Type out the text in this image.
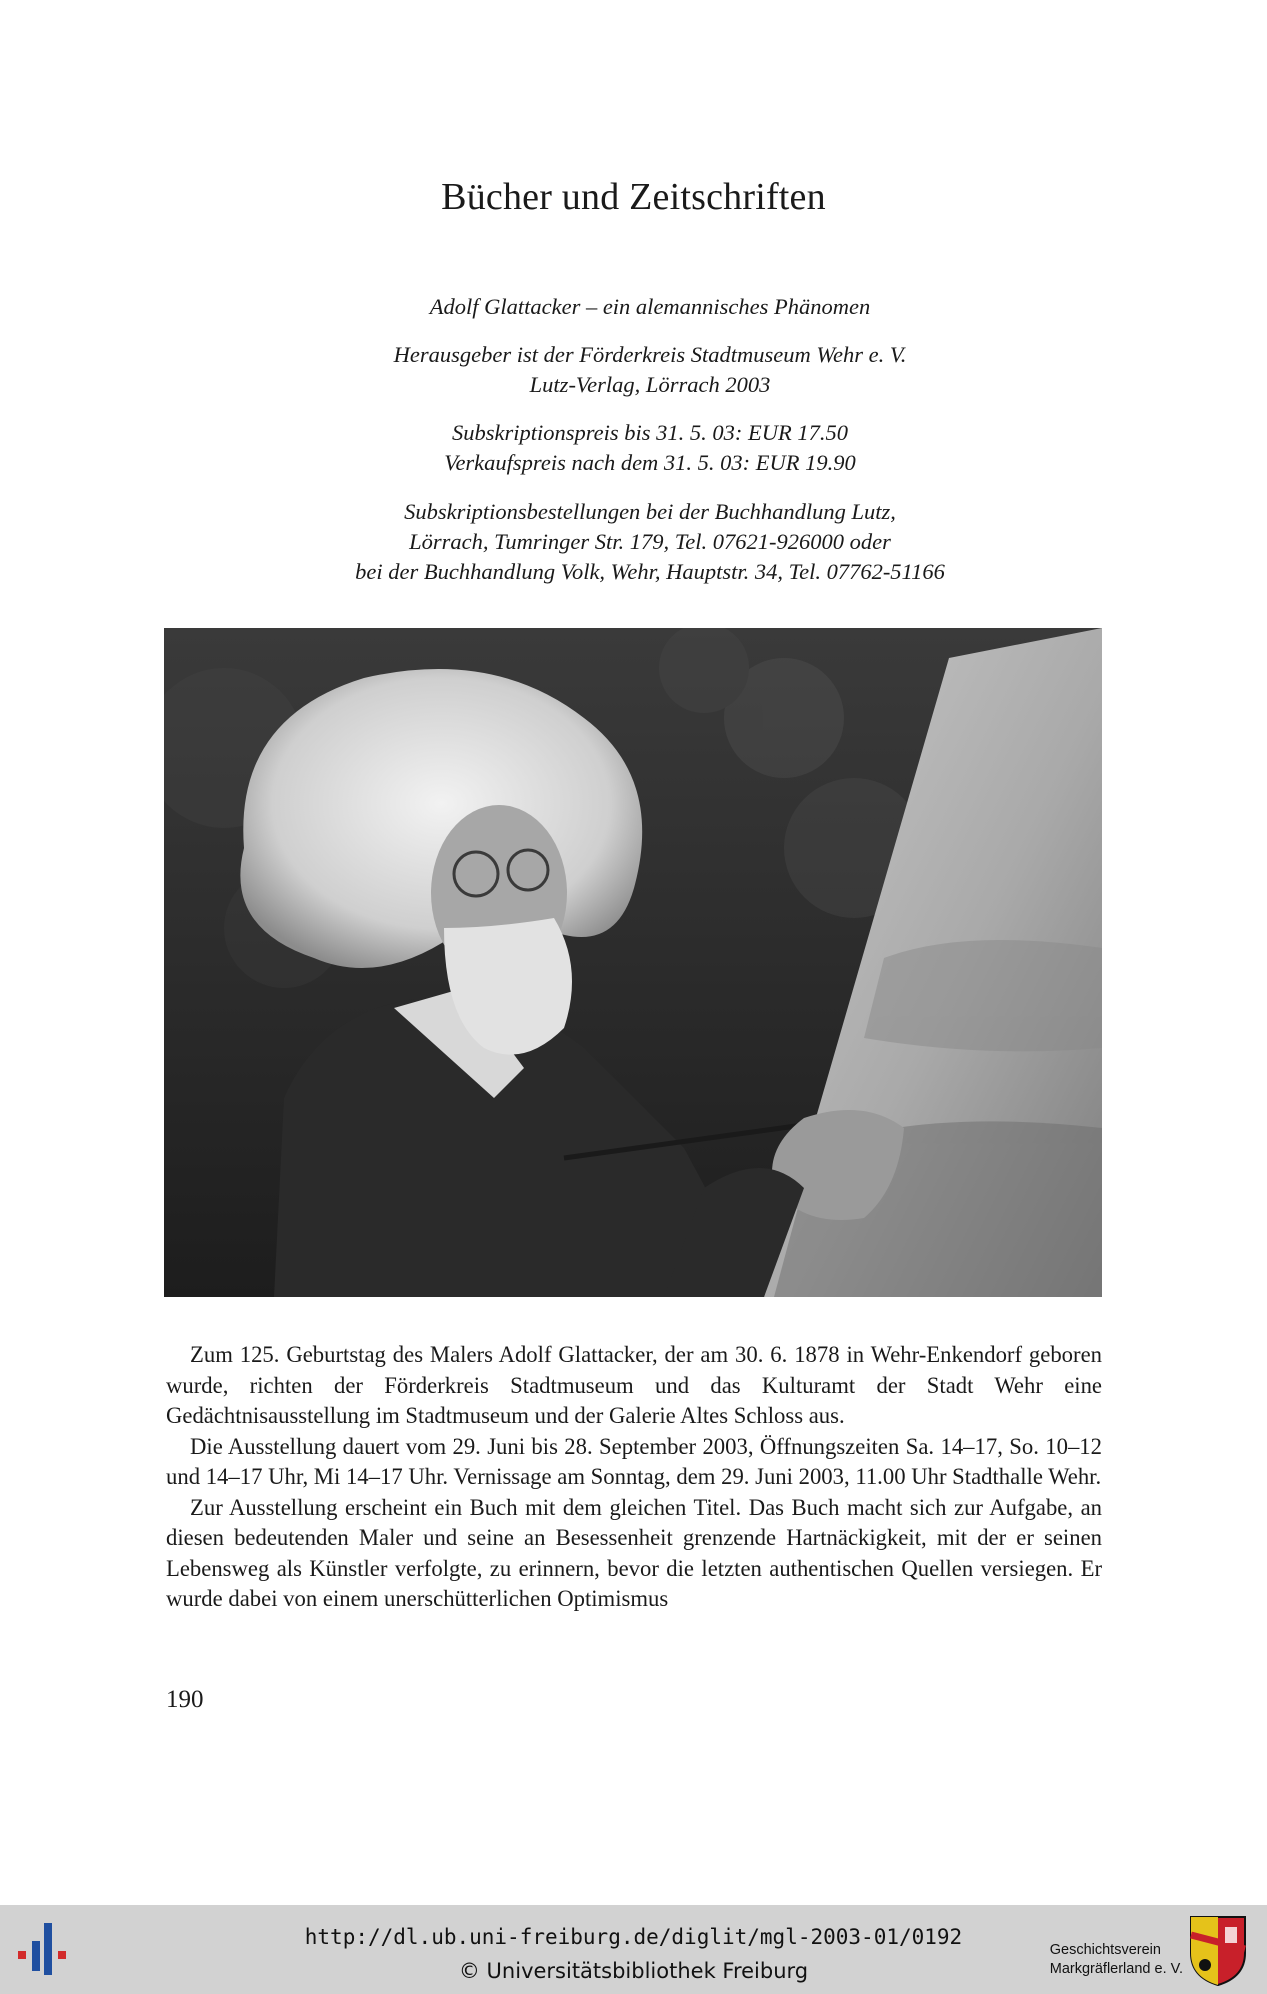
Bücher und Zeitschriften
Adolf Glattacker – ein alemannisches Phänomen
Herausgeber ist der Förderkreis Stadtmuseum Wehr e. V.
Lutz-Verlag, Lörrach 2003
Subskriptionspreis bis 31. 5. 03: EUR 17.50
Verkaufspreis nach dem 31. 5. 03: EUR 19.90
Subskriptionsbestellungen bei der Buchhandlung Lutz,
Lörrach, Tumringer Str. 179, Tel. 07621-926000 oder
bei der Buchhandlung Volk, Wehr, Hauptstr. 34, Tel. 07762-51166

Zum 125. Geburtstag des Malers Adolf Glattacker, der am 30. 6. 1878 in Wehr-Enkendorf geboren wurde, richten der Förderkreis Stadtmuseum und das Kulturamt der Stadt Wehr eine Gedächtnisausstellung im Stadtmuseum und der Galerie Altes Schloss aus.

Die Ausstellung dauert vom 29. Juni bis 28. September 2003, Öffnungszeiten Sa. 14–17, So. 10–12 und 14–17 Uhr, Mi 14–17 Uhr. Vernissage am Sonntag, dem 29. Juni 2003, 11.00 Uhr Stadthalle Wehr.

Zur Ausstellung erscheint ein Buch mit dem gleichen Titel. Das Buch macht sich zur Aufgabe, an diesen bedeutenden Maler und seine an Besessenheit grenzende Hartnäckigkeit, mit der er seinen Lebensweg als Künstler verfolgte, zu erinnern, bevor die letzten authentischen Quellen versiegen. Er wurde dabei von einem unerschütterlichen Optimismus

190
http://dl.ub.uni-freiburg.de/diglit/mgl-2003-01/0192
© Universitätsbibliothek Freiburg
Geschichtsverein
Markgräflerland e. V.
